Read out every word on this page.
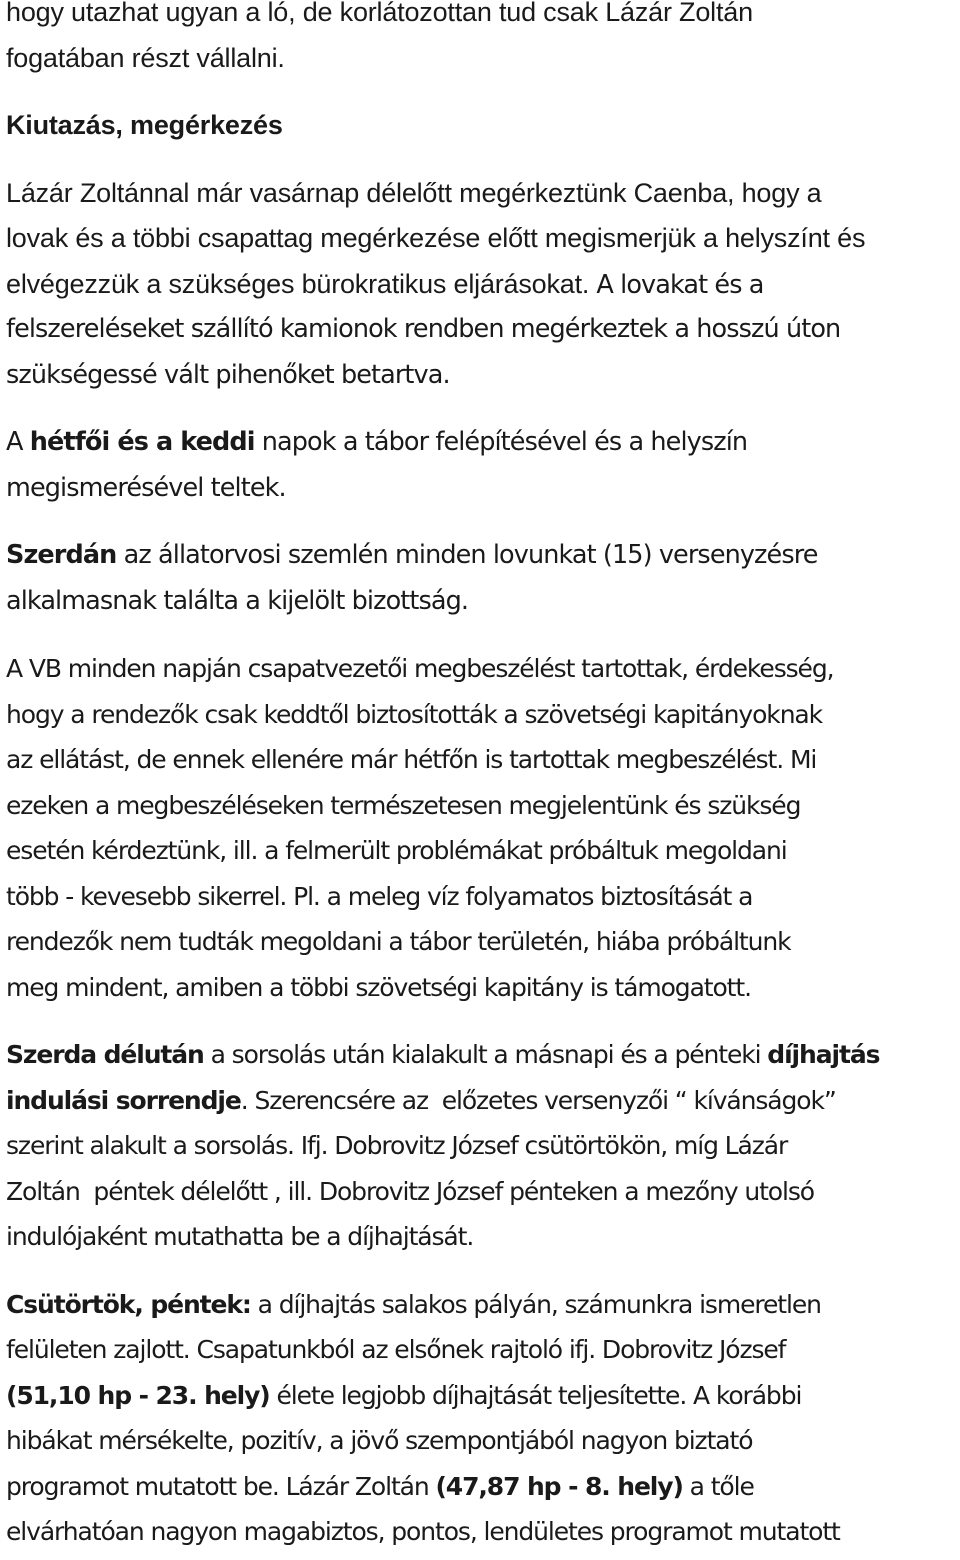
hogy utazhat ugyan a ló, de korlátozottan tud csak Lázár Zoltán
fogatában részt vállalni.
Kiutazás, megérkezés
Lázár Zoltánnal már vasárnap délelőtt megérkeztünk Caenba, hogy a
lovak és a többi csapattag megérkezése előtt megismerjük a helyszínt és
elvégezzük a szükséges bürokratikus eljárásokat. A lovakat és a
felszereléseket szállító kamionok rendben megérkeztek a hosszú úton
szükségessé vált pihenőket betartva.
A hétfői és a keddi napok a tábor felépítésével és a helyszín
megismerésével teltek.
Szerdán az állatorvosi szemlén minden lovunkat (15) versenyzésre
alkalmasnak találta a kijelölt bizottság.
A VB minden napján csapatvezetői megbeszélést tartottak, érdekesség,
hogy a rendezők csak keddtől biztosították a szövetségi kapitányoknak
az ellátást, de ennek ellenére már hétfőn is tartottak megbeszélést. Mi
ezeken a megbeszéléseken természetesen megjelentünk és szükség
esetén kérdeztünk, ill. a felmerült problémákat próbáltuk megoldani
több - kevesebb sikerrel. Pl. a meleg víz folyamatos biztosítását a
rendezők nem tudták megoldani a tábor területén, hiába próbáltunk
meg mindent, amiben a többi szövetségi kapitány is támogatott.
Szerda délután a sorsolás után kialakult a másnapi és a pénteki díjhajtás
indulási sorrendje. Szerencsére az  előzetes versenyzői “ kívánságok”
szerint alakult a sorsolás. Ifj. Dobrovitz József csütörtökön, míg Lázár
Zoltán  péntek délelőtt , ill. Dobrovitz József pénteken a mezőny utolsó
indulójaként mutathatta be a díjhajtását.
Csütörtök, péntek: a díjhajtás salakos pályán, számunkra ismeretlen
felületen zajlott. Csapatunkból az elsőnek rajtoló ifj. Dobrovitz József
(51,10 hp - 23. hely) élete legjobb díjhajtását teljesítette. A korábbi
hibákat mérsékelte, pozitív, a jövő szempontjából nagyon biztató
programot mutatott be. Lázár Zoltán (47,87 hp - 8. hely) a tőle
elvárhatóan nagyon magabiztos, pontos, lendületes programot mutatott
